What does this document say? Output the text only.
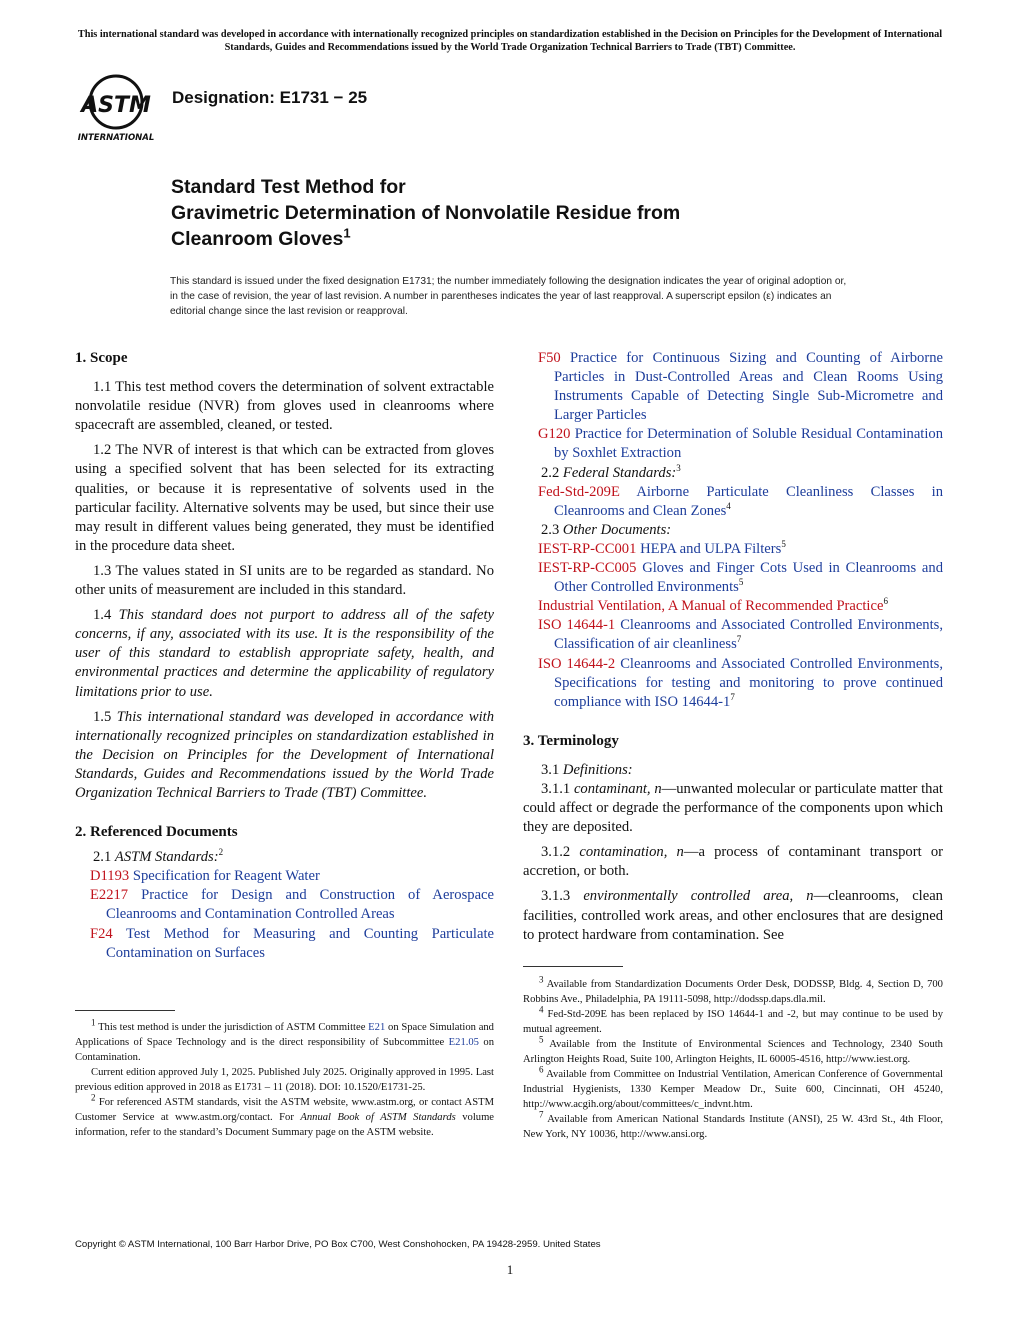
This international standard was developed in accordance with internationally recognized principles on standardization established in the Decision on Principles for the Development of International Standards, Guides and Recommendations issued by the World Trade Organization Technical Barriers to Trade (TBT) Committee.
ASTM
INTERNATIONAL
Designation: E1731 − 25
Standard Test Method for
Gravimetric Determination of Nonvolatile Residue from
Cleanroom Gloves$^1$
This standard is issued under the fixed designation E1731; the number immediately following the designation indicates the year of original adoption or, in the case of revision, the year of last revision. A number in parentheses indicates the year of last reapproval. A superscript epsilon (ε) indicates an editorial change since the last revision or reapproval.
1. Scope

1.1 This test method covers the determination of solvent extractable nonvolatile residue (NVR) from gloves used in cleanrooms where spacecraft are assembled, cleaned, or tested.

1.2 The NVR of interest is that which can be extracted from gloves using a specified solvent that has been selected for its extracting qualities, or because it is representative of solvents used in the particular facility. Alternative solvents may be used, but since their use may result in different values being generated, they must be identified in the procedure data sheet.

1.3 The values stated in SI units are to be regarded as standard. No other units of measurement are included in this standard.

1.4 This standard does not purport to address all of the safety concerns, if any, associated with its use. It is the responsibility of the user of this standard to establish appropriate safety, health, and environmental practices and determine the applicability of regulatory limitations prior to use.

1.5 This international standard was developed in accordance with internationally recognized principles on standardization established in the Decision on Principles for the Development of International Standards, Guides and Recommendations issued by the World Trade Organization Technical Barriers to Trade (TBT) Committee.

2. Referenced Documents

2.1 ASTM Standards:$^2$

D1193 Specification for Reagent Water

E2217 Practice for Design and Construction of Aerospace Cleanrooms and Contamination Controlled Areas

F24 Test Method for Measuring and Counting Particulate Contamination on Surfaces

$^1$ This test method is under the jurisdiction of ASTM Committee E21 on Space Simulation and Applications of Space Technology and is the direct responsibility of Subcommittee E21.05 on Contamination.

Current edition approved July 1, 2025. Published July 2025. Originally approved in 1995. Last previous edition approved in 2018 as E1731 – 11 (2018). DOI: 10.1520/E1731-25.

$^2$ For referenced ASTM standards, visit the ASTM website, www.astm.org, or contact ASTM Customer Service at www.astm.org/contact. For Annual Book of ASTM Standards volume information, refer to the standard’s Document Summary page on the ASTM website.

F50 Practice for Continuous Sizing and Counting of Airborne Particles in Dust-Controlled Areas and Clean Rooms Using Instruments Capable of Detecting Single Sub-Micrometre and Larger Particles

G120 Practice for Determination of Soluble Residual Contamination by Soxhlet Extraction

2.2 Federal Standards:$^3$

Fed-Std-209E Airborne Particulate Cleanliness Classes in Cleanrooms and Clean Zones$^4$

2.3 Other Documents:

IEST-RP-CC001 HEPA and ULPA Filters$^5$

IEST-RP-CC005 Gloves and Finger Cots Used in Cleanrooms and Other Controlled Environments$^5$

Industrial Ventilation, A Manual of Recommended Practice$^6$

ISO 14644-1 Cleanrooms and Associated Controlled Environments, Classification of air cleanliness$^7$

ISO 14644-2 Cleanrooms and Associated Controlled Environments, Specifications for testing and monitoring to prove continued compliance with ISO $14644-1^7$

3. Terminology

3.1 Definitions:

3.1.1 contaminant, n—unwanted molecular or particulate matter that could affect or degrade the performance of the components upon which they are deposited.

3.1.2 contamination, n—a process of contaminant transport or accretion, or both.

3.1.3 environmentally controlled area, n—cleanrooms, clean facilities, controlled work areas, and other enclosures that are designed to protect hardware from contamination. See

$^3$ Available from Standardization Documents Order Desk, DODSSP, Bldg. 4, Section D, 700 Robbins Ave., Philadelphia, PA 19111-5098, http://dodssp.daps.dla.mil.

$^4$ Fed-Std-209E has been replaced by ISO 14644-1 and -2, but may continue to be used by mutual agreement.

$^5$ Available from the Institute of Environmental Sciences and Technology, 2340 South Arlington Heights Road, Suite 100, Arlington Heights, IL 60005-4516, http://www.iest.org.

$^6$ Available from Committee on Industrial Ventilation, American Conference of Governmental Industrial Hygienists, 1330 Kemper Meadow Dr., Suite 600, Cincinnati, OH 45240, http://www.acgih.org/about/committees/c_indvnt.htm.

$^7$ Available from American National Standards Institute (ANSI), 25 W. 43rd St., 4th Floor, New York, NY 10036, http://www.ansi.org.

Copyright © ASTM International, 100 Barr Harbor Drive, PO Box C700, West Conshohocken, PA 19428-2959. United States
1
